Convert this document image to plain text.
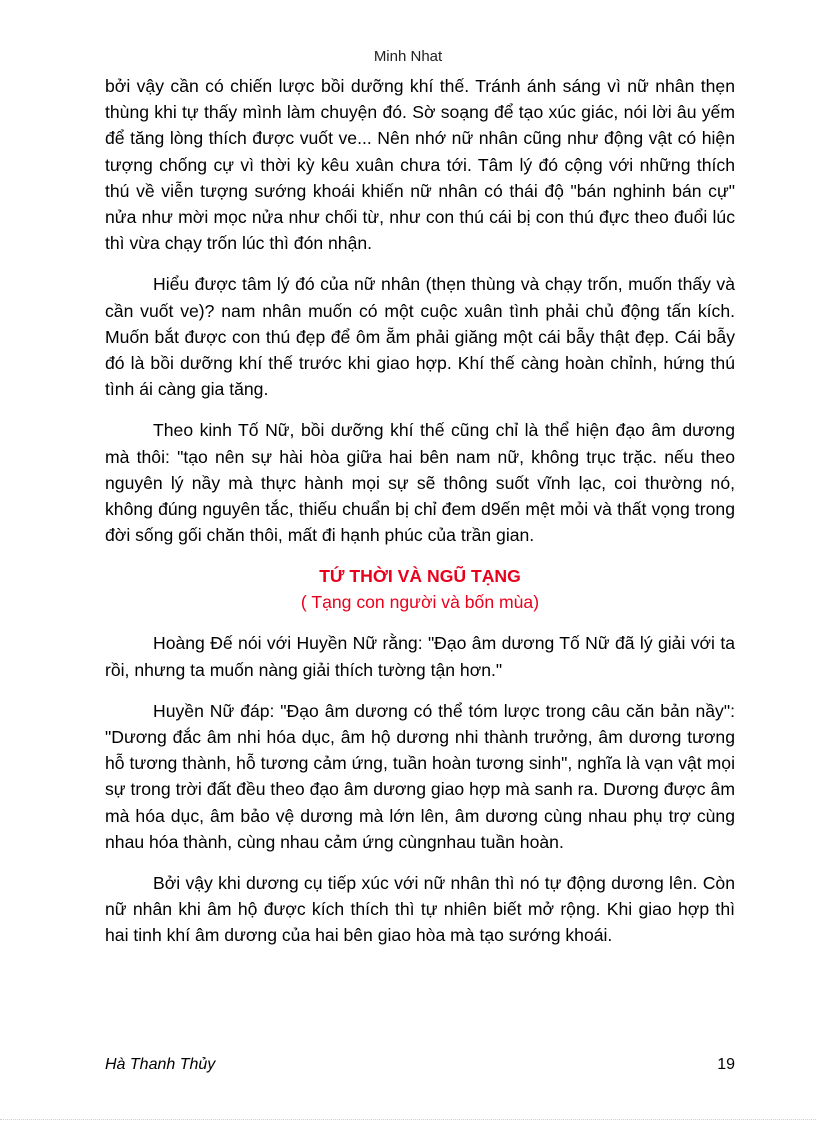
Minh Nhat

bởi vậy cần có chiến lược bồi dưỡng khí thế. Tránh ánh sáng vì nữ nhân thẹn thùng khi tự thấy mình làm chuyện đó. Sờ soạng để tạo xúc giác, nói lời âu yếm để tăng lòng thích được vuốt ve... Nên nhớ nữ nhân cũng như động vật có hiện tượng chống cự vì thời kỳ kêu xuân chưa tới. Tâm lý đó cộng với những thích thú về viễn tượng sướng khoái khiến nữ nhân có thái độ "bán nghinh bán cự" nửa như mời mọc nửa như chối từ, như con thú cái bị con thú đực theo đuổi lúc thì vừa chạy trốn lúc thì đón nhận.

Hiểu được tâm lý đó của nữ nhân (thẹn thùng và chạy trốn, muốn thấy và cần vuốt ve)? nam nhân muốn có một cuộc xuân tình phải chủ động tấn kích. Muốn bắt được con thú đẹp để ôm ẵm phải giăng một cái bẫy thật đẹp. Cái bẫy đó là bồi dưỡng khí thế trước khi giao hợp. Khí thế càng hoàn chỉnh, hứng thú tình ái càng gia tăng.

Theo kinh Tố Nữ, bồi dưỡng khí thế cũng chỉ là thể hiện đạo âm dương mà thôi: "tạo nên sự hài hòa giữa hai bên nam nữ, không trục trặc. nếu theo nguyên lý nầy mà thực hành mọi sự sẽ thông suốt vĩnh lạc, coi thường nó, không đúng nguyên tắc, thiếu chuẩn bị chỉ đem d9ến mệt mỏi và thất vọng trong đời sống gối chăn thôi, mất đi hạnh phúc của trần gian.

TỨ THỜI VÀ NGŨ TẠNG

( Tạng con người và bốn mùa)

Hoàng Đế nói với Huyền Nữ rằng: "Đạo âm dương Tố Nữ đã lý giải với ta rồi, nhưng ta muốn nàng giải thích tường tận hơn."

Huyền Nữ đáp: "Đạo âm dương có thể tóm lược trong câu căn bản nầy": "Dương đắc âm nhi hóa dục, âm hộ dương nhi thành trưởng, âm dương tương hỗ tương thành, hỗ tương cảm ứng, tuần hoàn tương sinh", nghĩa là vạn vật mọi sự trong trời đất đều theo đạo âm dương giao hợp mà sanh ra. Dương được âm mà hóa dục, âm bảo vệ dương mà lớn lên, âm dương cùng nhau phụ trợ cùng nhau hóa thành, cùng nhau cảm ứng cùngnhau tuần hoàn.

Bởi vậy khi dương cụ tiếp xúc với nữ nhân thì nó tự động dương lên. Còn nữ nhân khi âm hộ được kích thích thì tự nhiên biết mở rộng. Khi giao hợp thì hai tinh khí âm dương của hai bên giao hòa mà tạo sướng khoái.

Hà Thanh Thủy	19
